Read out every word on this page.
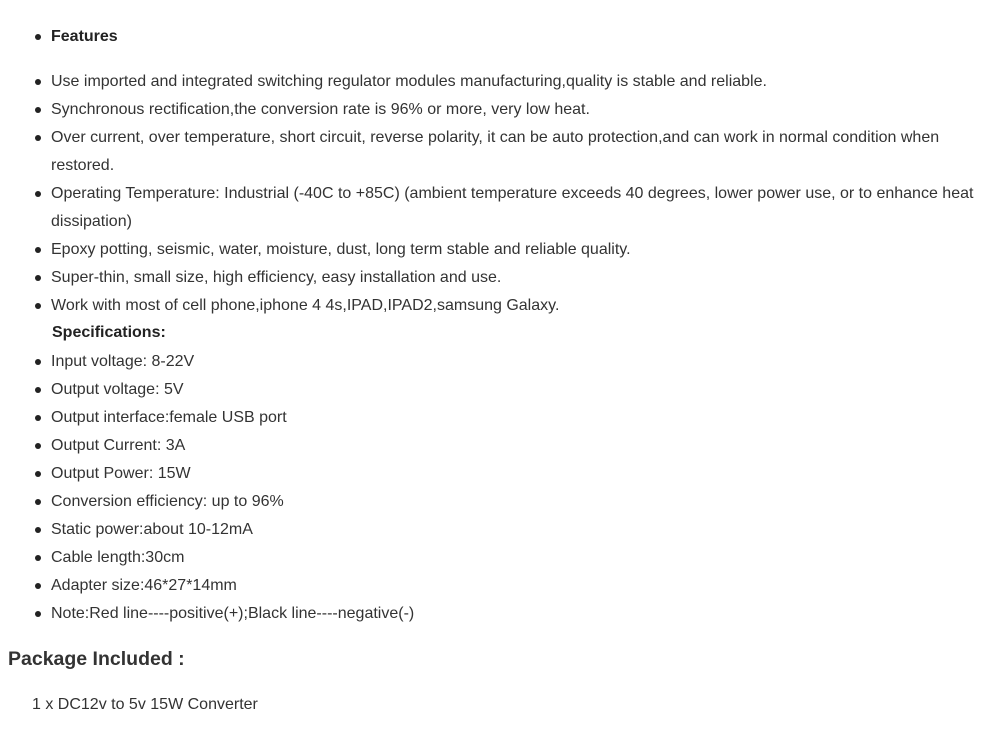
Features
Use imported and integrated switching regulator modules manufacturing,quality is stable and reliable.
Synchronous rectification,the conversion rate is 96% or more, very low heat.
Over current, over temperature, short circuit, reverse polarity, it can be auto protection,and can work in normal condition when restored.
Operating Temperature: Industrial (-40C to +85C) (ambient temperature exceeds 40 degrees, lower power use, or to enhance heat dissipation)
Epoxy potting, seismic, water, moisture, dust, long term stable and reliable quality.
Super-thin, small size, high efficiency, easy installation and use.
Work with most of cell phone,iphone 4 4s,IPAD,IPAD2,samsung Galaxy.
Specifications:
Input voltage: 8-22V
Output voltage: 5V
Output interface:female USB port
Output Current: 3A
Output Power: 15W
Conversion efficiency: up to 96%
Static power:about 10-12mA
Cable length:30cm
Adapter size:46*27*14mm
Note:Red line----positive(+);Black line----negative(-)
Package Included :
1 x DC12v to 5v 15W Converter
